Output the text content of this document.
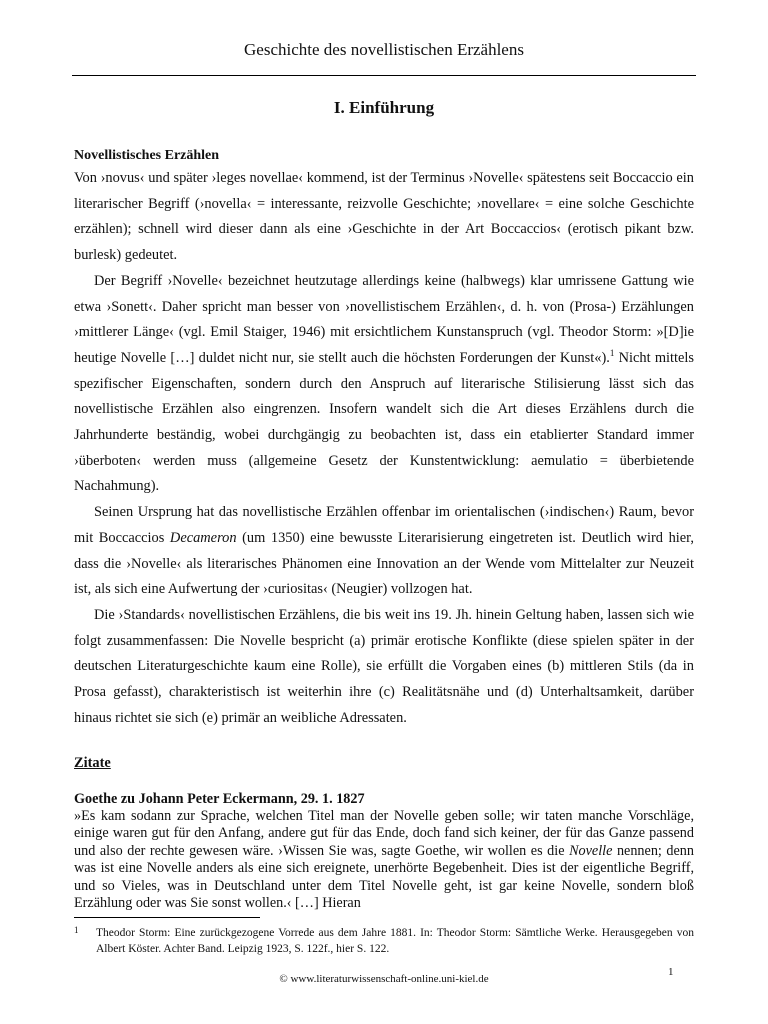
Geschichte des novellistischen Erzählens
I. Einführung
Novellistisches Erzählen

Von ›novus‹ und später ›leges novellae‹ kommend, ist der Terminus ›Novelle‹ spätestens seit Boccaccio ein literarischer Begriff (›novella‹ = interessante, reizvolle Geschichte; ›novellare‹ = eine solche Geschichte erzählen); schnell wird dieser dann als eine ›Geschichte in der Art Boccaccios‹ (erotisch pikant bzw. burlesk) gedeutet.

Der Begriff ›Novelle‹ bezeichnet heutzutage allerdings keine (halbwegs) klar umrissene Gattung wie etwa ›Sonett‹. Daher spricht man besser von ›novellistischem Erzählen‹, d. h. von (Prosa-) Erzählungen ›mittlerer Länge‹ (vgl. Emil Staiger, 1946) mit ersichtlichem Kunstanspruch (vgl. Theodor Storm: »[D]ie heutige Novelle […] duldet nicht nur, sie stellt auch die höchsten Forderungen der Kunst«).$^1$ Nicht mittels spezifischer Eigenschaften, sondern durch den Anspruch auf literarische Stilisierung lässt sich das novellistische Erzählen also eingrenzen. Insofern wandelt sich die Art dieses Erzählens durch die Jahrhunderte beständig, wobei durchgängig zu beobachten ist, dass ein etablierter Standard immer ›überboten‹ werden muss (allgemeine Gesetz der Kunstentwicklung: aemulatio = überbietende Nachahmung).

Seinen Ursprung hat das novellistische Erzählen offenbar im orientalischen (›indischen‹) Raum, bevor mit Boccaccios Decameron (um 1350) eine bewusste Literarisierung eingetreten ist. Deutlich wird hier, dass die ›Novelle‹ als literarisches Phänomen eine Innovation an der Wende vom Mittelalter zur Neuzeit ist, als sich eine Aufwertung der ›curiositas‹ (Neugier) vollzogen hat.

Die ›Standards‹ novellistischen Erzählens, die bis weit ins 19. Jh. hinein Geltung haben, lassen sich wie folgt zusammenfassen: Die Novelle bespricht (a) primär erotische Konflikte (diese spielen später in der deutschen Literaturgeschichte kaum eine Rolle), sie erfüllt die Vorgaben eines (b) mittleren Stils (da in Prosa gefasst), charakteristisch ist weiterhin ihre (c) Realitätsnähe und (d) Unterhaltsamkeit, darüber hinaus richtet sie sich (e) primär an weibliche Adressaten.

Zitate
Goethe zu Johann Peter Eckermann, 29. 1. 1827

»Es kam sodann zur Sprache, welchen Titel man der Novelle geben solle; wir taten manche Vorschläge, einige waren gut für den Anfang, andere gut für das Ende, doch fand sich keiner, der für das Ganze passend und also der rechte gewesen wäre. ›Wissen Sie was, sagte Goethe, wir wollen es die Novelle nennen; denn was ist eine Novelle anders als eine sich ereignete, unerhörte Begebenheit. Dies ist der eigentliche Begriff, und so Vieles, was in Deutschland unter dem Titel Novelle geht, ist gar keine Novelle, sondern bloß Erzählung oder was Sie sonst wollen.‹ […] Hieran

1 Theodor Storm: Eine zurückgezogene Vorrede aus dem Jahre 1881. In: Theodor Storm: Sämtliche Werke. Herausgegeben von Albert Köster. Achter Band. Leipzig 1923, S. 122f., hier S. 122.
1
© www.literaturwissenschaft-online.uni-kiel.de
